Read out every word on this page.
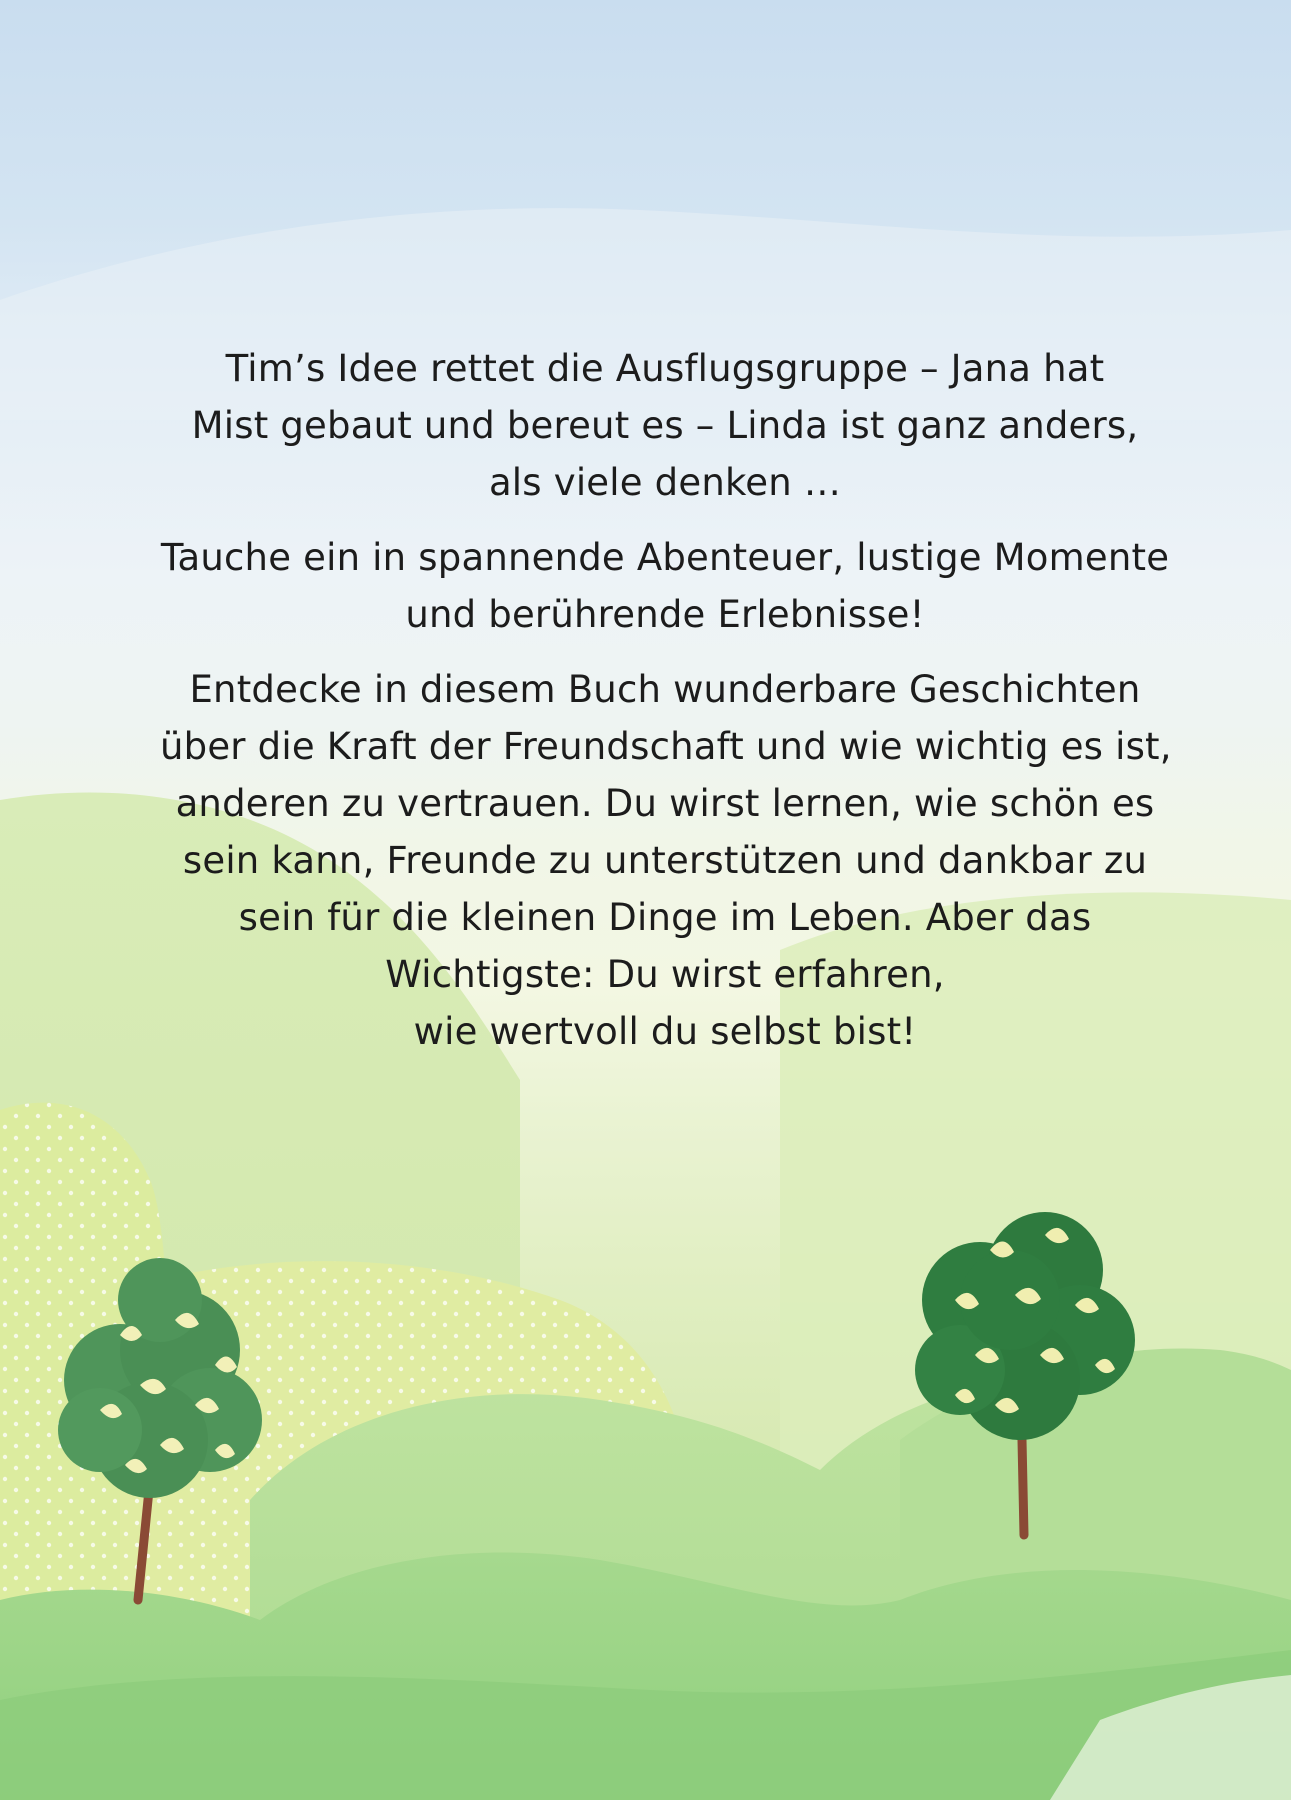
Tim’s Idee rettet die Ausflugsgruppe – Jana hat
Mist gebaut und bereut es – Linda ist ganz anders,
als viele denken …
Tauche ein in spannende Abenteuer, lustige Momente
und berührende Erlebnisse!
Entdecke in diesem Buch wunderbare Geschichten
über die Kraft der Freundschaft und wie wichtig es ist,
anderen zu vertrauen. Du wirst lernen, wie schön es
sein kann, Freunde zu unterstützen und dankbar zu
sein für die kleinen Dinge im Leben. Aber das
Wichtigste: Du wirst erfahren,
wie wertvoll du selbst bist!
